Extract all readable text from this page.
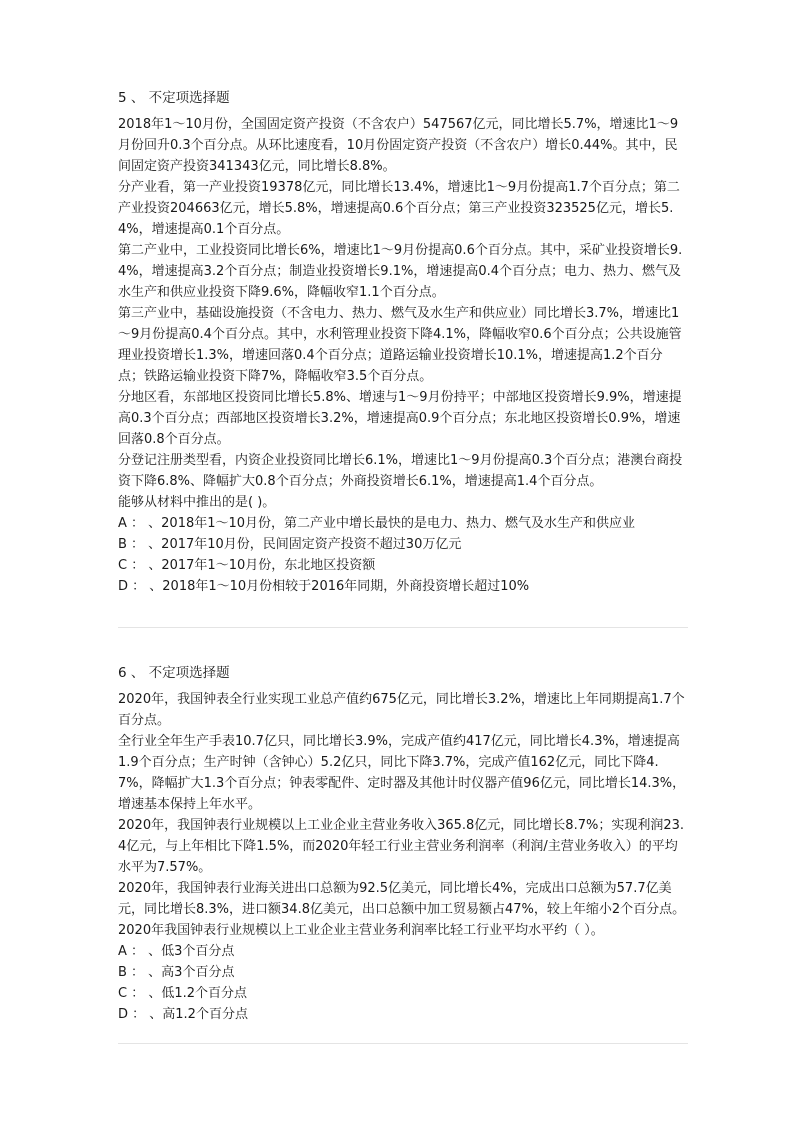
5 、 不定项选择题

2018年1～10月份，全国固定资产投资（不含农户）547567亿元，同比增长5.7%，增速比1～9月份回升0.3个百分点。从环比速度看，10月份固定资产投资（不含农户）增长0.44%。其中，民间固定资产投资341343亿元，同比增长8.8%。

分产业看，第一产业投资19378亿元，同比增长13.4%，增速比1～9月份提高1.7个百分点；第二产业投资204663亿元，增长5.8%，增速提高0.6个百分点；第三产业投资323525亿元，增长5.4%，增速提高0.1个百分点。

第二产业中，工业投资同比增长6%，增速比1～9月份提高0.6个百分点。其中，采矿业投资增长9.4%，增速提高3.2个百分点；制造业投资增长9.1%，增速提高0.4个百分点；电力、热力、燃气及水生产和供应业投资下降9.6%，降幅收窄1.1个百分点。

第三产业中，基础设施投资（不含电力、热力、燃气及水生产和供应业）同比增长3.7%，增速比1～9月份提高0.4个百分点。其中，水利管理业投资下降4.1%，降幅收窄0.6个百分点；公共设施管理业投资增长1.3%，增速回落0.4个百分点；道路运输业投资增长10.1%，增速提高1.2个百分点；铁路运输业投资下降7%，降幅收窄3.5个百分点。

分地区看，东部地区投资同比增长5.8%、增速与1～9月份持平；中部地区投资增长9.9%，增速提高0.3个百分点；西部地区投资增长3.2%，增速提高0.9个百分点；东北地区投资增长0.9%，增速回落0.8个百分点。

分登记注册类型看，内资企业投资同比增长6.1%，增速比1～9月份提高0.3个百分点；港澳台商投资下降6.8%、降幅扩大0.8个百分点；外商投资增长6.1%，增速提高1.4个百分点。

能够从材料中推出的是( )。

A ： 、2018年1～10月份，第二产业中增长最快的是电力、热力、燃气及水生产和供应业
B ： 、2017年10月份，民间固定资产投资不超过30万亿元
C ： 、2017年1～10月份，东北地区投资额
D ： 、2018年1～10月份相较于2016年同期，外商投资增长超过10%
6 、 不定项选择题

2020年，我国钟表全行业实现工业总产值约675亿元，同比增长3.2%，增速比上年同期提高1.7个百分点。

全行业全年生产手表10.7亿只，同比增长3.9%，完成产值约417亿元，同比增长4.3%，增速提高1.9个百分点；生产时钟（含钟心）5.2亿只，同比下降3.7%，完成产值162亿元，同比下降4.7%，降幅扩大1.3个百分点；钟表零配件、定时器及其他计时仪器产值96亿元，同比增长14.3%，增速基本保持上年水平。

2020年，我国钟表行业规模以上工业企业主营业务收入365.8亿元，同比增长8.7%；实现利润23.4亿元，与上年相比下降1.5%，而2020年轻工行业主营业务利润率（利润/主营业务收入）的平均水平为7.57%。

2020年，我国钟表行业海关进出口总额为92.5亿美元，同比增长4%，完成出口总额为57.7亿美元，同比增长8.3%，进口额34.8亿美元，出口总额中加工贸易额占47%，较上年缩小2个百分点。

2020年我国钟表行业规模以上工业企业主营业务利润率比轻工行业平均水平约（ ）。

A ： 、低3个百分点
B ： 、高3个百分点
C ： 、低1.2个百分点
D ： 、高1.2个百分点
